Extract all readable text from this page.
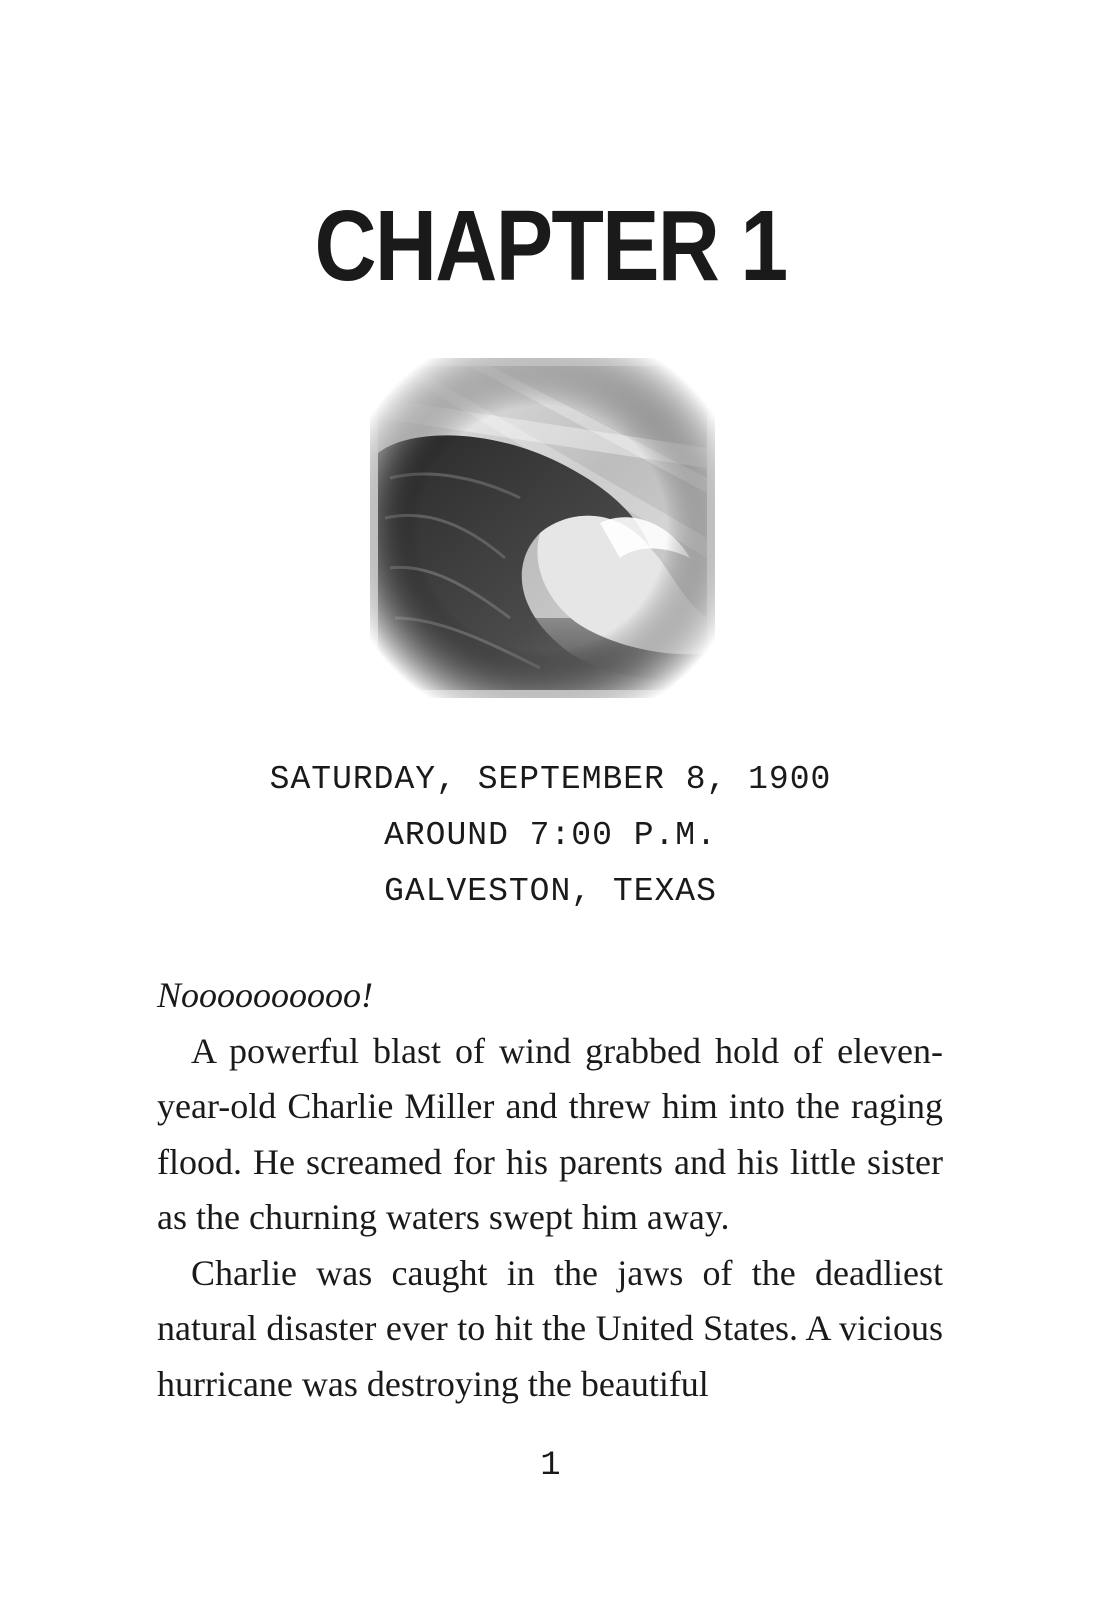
CHAPTER 1
SATURDAY, SEPTEMBER 8, 1900
AROUND 7:00 P.M.
GALVESTON, TEXAS

Noooooooooo!

A powerful blast of wind grabbed hold of eleven-year-old Charlie Miller and threw him into the raging flood. He screamed for his parents and his little sister as the churning waters swept him away.

Charlie was caught in the jaws of the deadliest natural disaster ever to hit the United States. A vicious hurricane was destroying the beautiful

1
